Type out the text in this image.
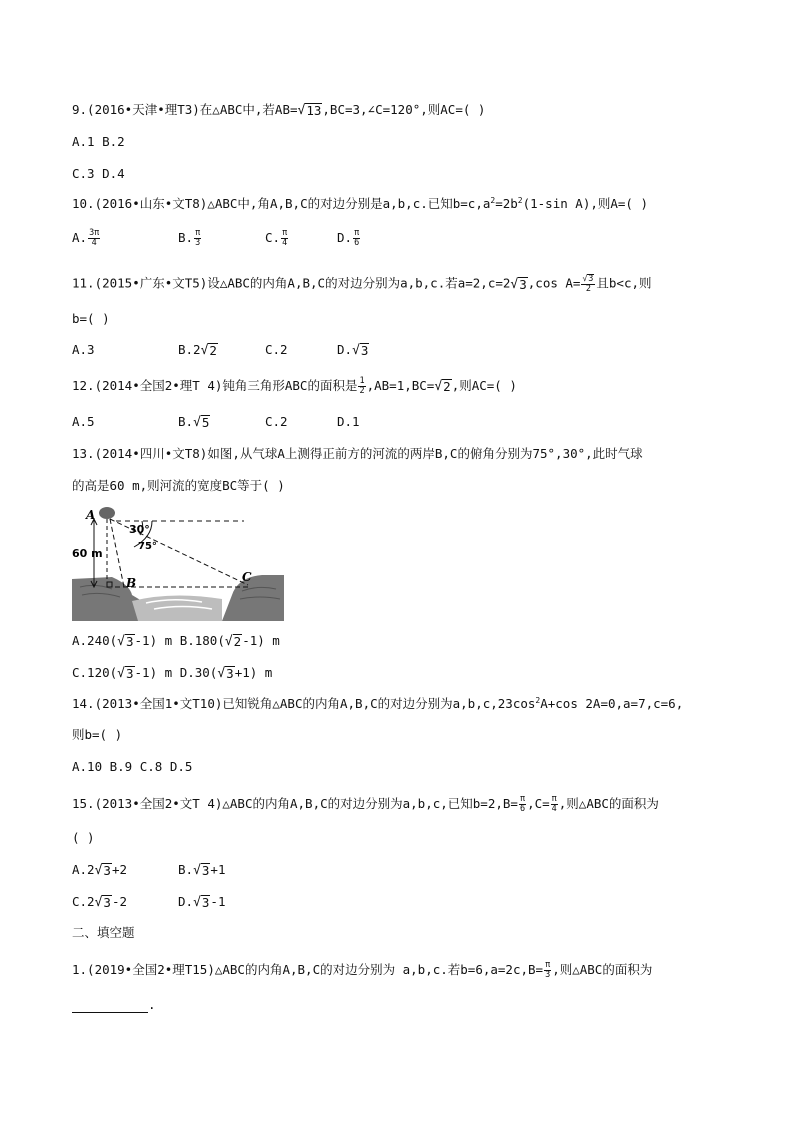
9.(2016•天津•理T3)在△ABC中,若AB= √ 13 ,BC=3,∠C=120°,则AC=( )
A.1 B.2
C.3 D.4
10.(2016•山东•文T8)△ABC中,角A,B,C的对边分别是a,b,c.已知$b=c,a^2=2b^2(1-\sin$ A),则A=( )
A. $\frac{3\pi}{4}$	B. $\frac{\pi}{3}$	C. $\frac{\pi}{4}$	D. $\frac{\pi}{6}$
11.(2015•广东•文T5)设△ABC的内角A,B,C的对边分别为a,b,c.若a=2,c=2 √ 3 ,cos $A= \frac{√ 3}{2}$ 且b<c,则
b=( )
A.3	B.2 √ 2	C.2	D. √ 3
12.(2014•全国2•理T 4)钝角三角形ABC的面积是 $\frac{1}{2} ,AB=1,BC=$ √ 2 ,则AC=( )
A.5	B. √ 5	C.2	D.1
13.(2014•四川•文T8)如图,从气球A上测得正前方的河流的两岸B,C的俯角分别为75°,30°,此时气球
的高是60 m,则河流的宽度BC等于( )
A
B	C
30°
75°
60 m
A.240( √ 3 -1) m B.180( √ 2 -1) m
C.120( √ 3 -1) m D.30( √ 3 +1) m
14.(2013•全国1•文T10)已知锐角△ABC的内角A,B,C的对边分别为$a,b,c,23\cos^2A+\cos$ 2A=0,a=7,c=6,
则b=( )
A.10 B.9 C.8 D.5
15.(2013•全国2•文T 4)△ABC的内角A,B,C的对边分别为a,b,c,已知$b=2,B= \frac{\pi}{6} ,C= \frac{\pi}{4}$ ,则△ABC的面积为
( )
A.2 √ 3 +2	B. √ 3 +1
C.2 √ 3 -2	D. √ 3 -1
二、填空题
1.(2019•全国2•理T15)△ABC的内角A,B,C的对边分别为 a,b,c.若$b=6,a=2c,B= \frac{\pi}{3}$ ,则△ABC的面积为
.
